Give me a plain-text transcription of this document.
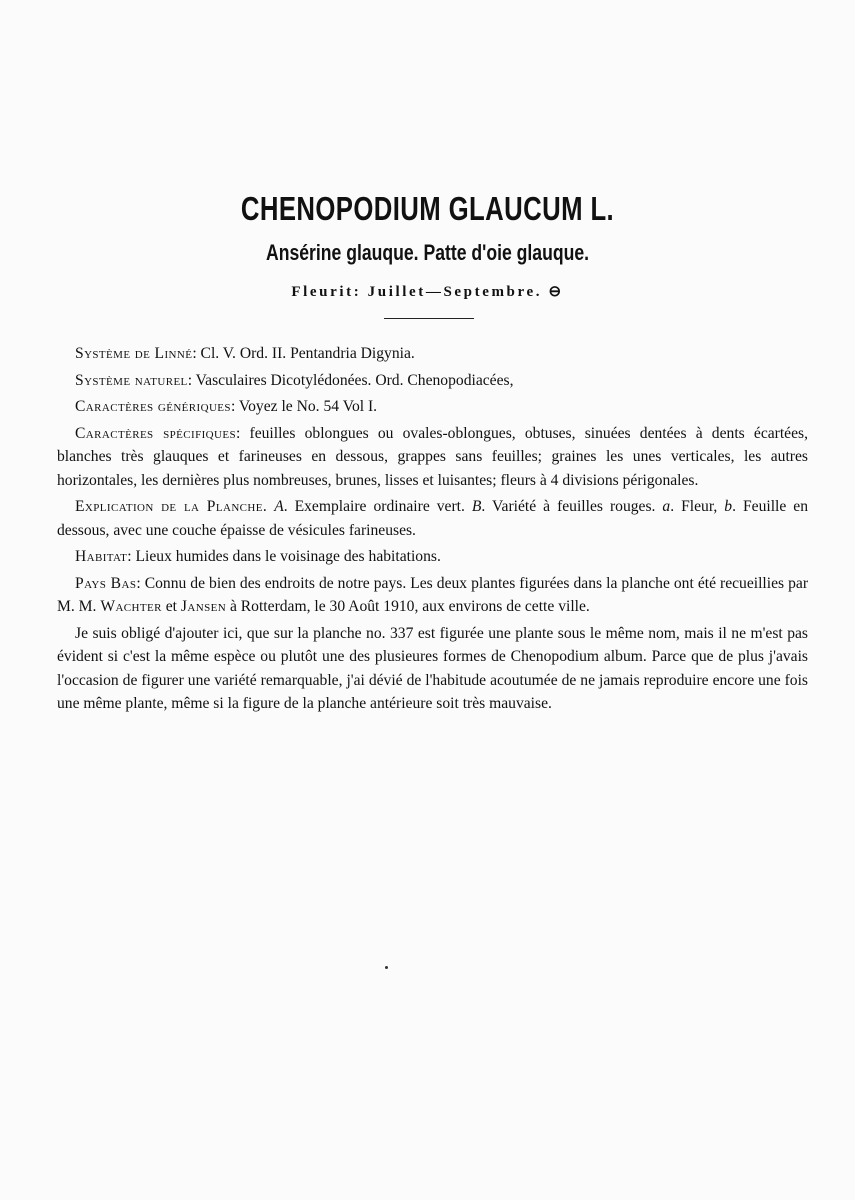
CHENOPODIUM GLAUCUM L.
Ansérine glauque. Patte d'oie glauque.
Fleurit: Juillet—Septembre. ⊖

Système de Linné: Cl. V. Ord. II. Pentandria Digynia.

Système naturel: Vasculaires Dicotylédonées. Ord. Chenopodiacées,

Caractères génériques: Voyez le No. 54 Vol I.

Caractères spécifiques: feuilles oblongues ou ovales-oblongues, obtuses, sinuées dentées à dents écartées, blanches très glauques et farineuses en dessous, grappes sans feuilles; graines les unes verticales, les autres horizontales, les dernières plus nombreuses, brunes, lisses et luisantes; fleurs à 4 divisions périgonales.

Explication de la Planche. A. Exemplaire ordinaire vert. B. Variété à feuilles rouges. a. Fleur, b. Feuille en dessous, avec une couche épaisse de vésicules farineuses.

Habitat: Lieux humides dans le voisinage des habitations.

Pays Bas: Connu de bien des endroits de notre pays. Les deux plantes figurées dans la planche ont été recueillies par M. M. Wachter et Jansen à Rotterdam, le 30 Août 1910, aux environs de cette ville.

Je suis obligé d'ajouter ici, que sur la planche no. 337 est figurée une plante sous le même nom, mais il ne m'est pas évident si c'est la même espèce ou plutôt une des plusieures formes de Chenopodium album. Parce que de plus j'avais l'occasion de figurer une variété remarquable, j'ai dévié de l'habitude acoutumée de ne jamais reproduire encore une fois une même plante, même si la figure de la planche antérieure soit très mauvaise.
